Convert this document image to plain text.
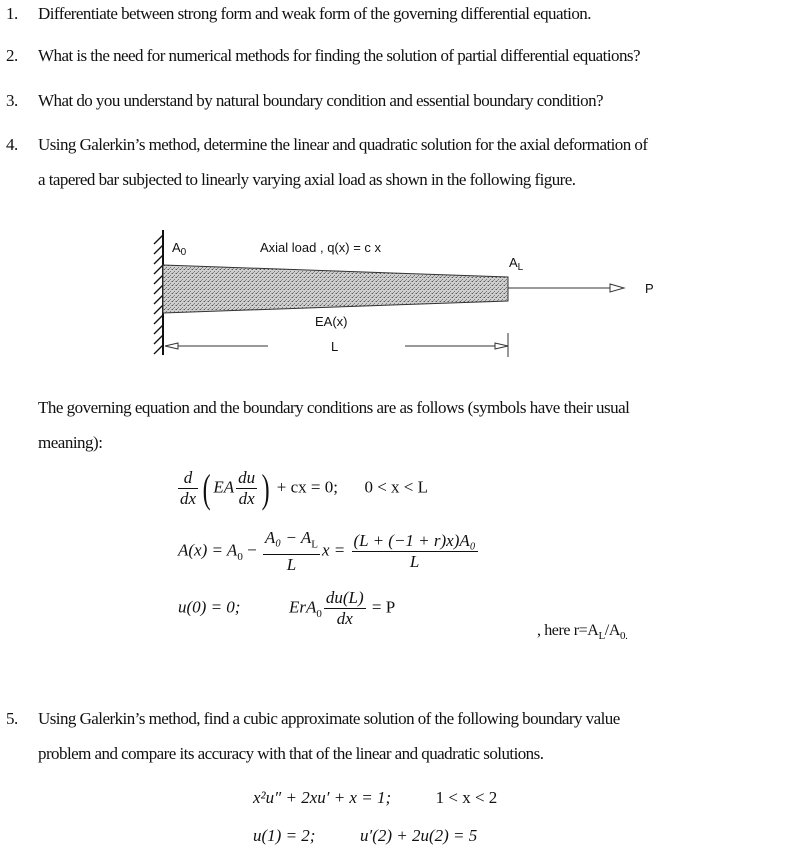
1. Differentiate between strong form and weak form of the governing differential equation.
2. What is the need for numerical methods for finding the solution of partial differential equations?
3. What do you understand by natural boundary condition and essential boundary condition?
4. Using Galerkin’s method, determine the linear and quadratic solution for the axial deformation of
a tapered bar subjected to linearly varying axial load as shown in the following figure.
$A_0$	Axial load , q(x) = c x
$A_L$
P
EA(x)
L
The governing equation and the boundary conditions are as follows (symbols have their usual
meaning):
$\frac{d}{dx}$ ( EA $\frac{du}{dx}$ ) + cx = 0; 0 < x < L
$A(x) = A_0 - \frac{A_0 - A_L}{L}$ $x = \frac{\text{(L + (−1 + r)x)A₀}}{L}$
u(0) = 0;	$ErA_0 \frac{du(L)}{dx} = P$
, here $r=A_L/A_{0.}$
5. Using Galerkin’s method, find a cubic approximate solution of the following boundary value
problem and compare its accuracy with that of the linear and quadratic solutions.
x²u″ + 2xu′ + x = 1;	1 < x < 2
u(1) = 2;	u′(2) + 2u(2) = 5
